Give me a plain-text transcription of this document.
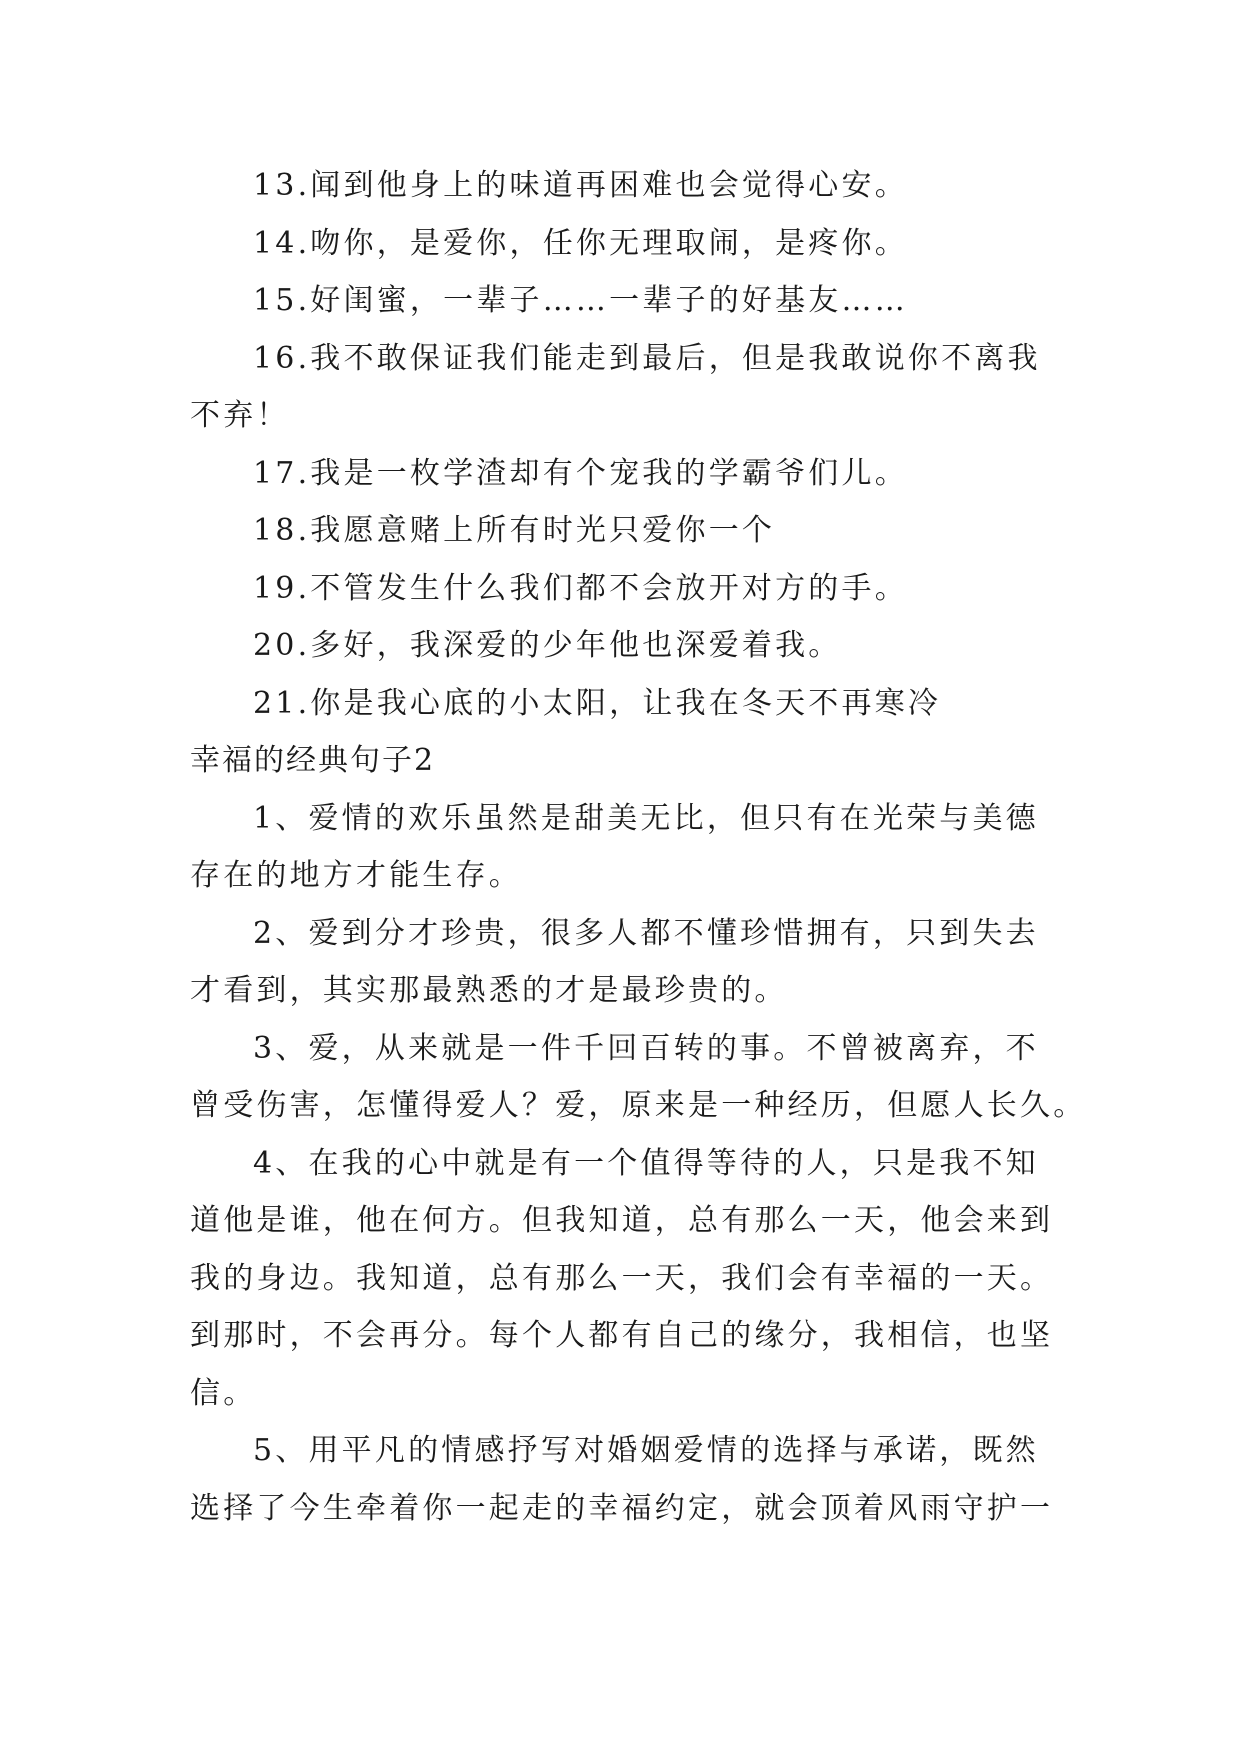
13.闻到他身上的味道再困难也会觉得心安。
14.吻你，是爱你，任你无理取闹，是疼你。
15.好闺蜜，一辈子……一辈子的好基友……
16.我不敢保证我们能走到最后，但是我敢说你不离我
不弃！
17.我是一枚学渣却有个宠我的学霸爷们儿。
18.我愿意赌上所有时光只爱你一个
19.不管发生什么我们都不会放开对方的手。
20.多好，我深爱的少年他也深爱着我。
21.你是我心底的小太阳，让我在冬天不再寒冷
幸福的经典句子2
1、爱情的欢乐虽然是甜美无比，但只有在光荣与美德
存在的地方才能生存。
2、爱到分才珍贵，很多人都不懂珍惜拥有，只到失去
才看到，其实那最熟悉的才是最珍贵的。
3、爱，从来就是一件千回百转的事。不曾被离弃，不
曾受伤害，怎懂得爱人？爱，原来是一种经历，但愿人长久。
4、在我的心中就是有一个值得等待的人，只是我不知
道他是谁，他在何方。但我知道，总有那么一天，他会来到
我的身边。我知道，总有那么一天，我们会有幸福的一天。
到那时，不会再分。每个人都有自己的缘分，我相信，也坚
信。
5、用平凡的情感抒写对婚姻爱情的选择与承诺，既然
选择了今生牵着你一起走的幸福约定，就会顶着风雨守护一
